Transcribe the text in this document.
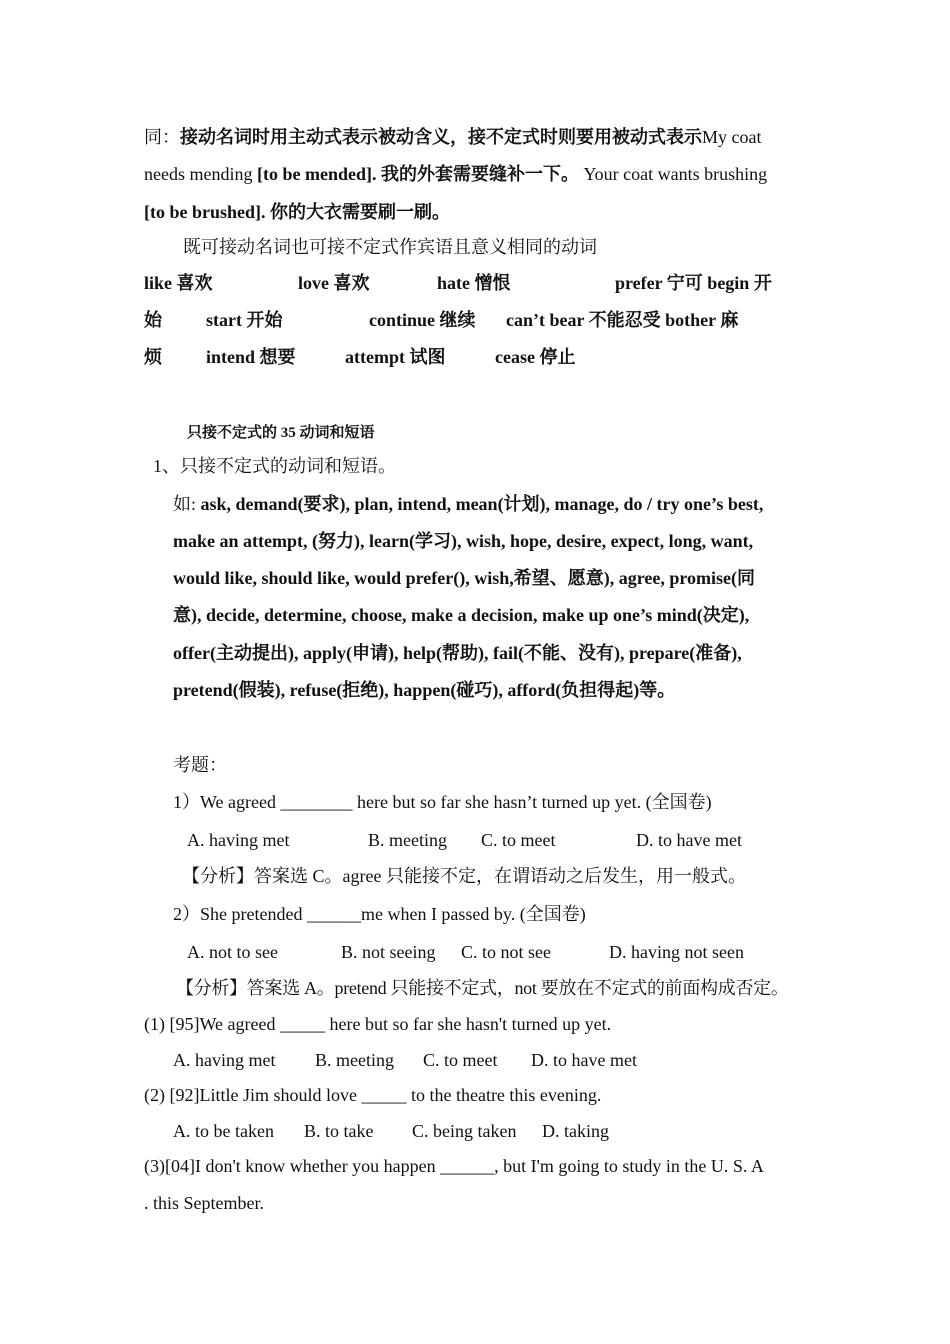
同：接动名词时用主动式表示被动含义，接不定式时则要用被动式表示My coat
needs mending [to be mended]. 我的外套需要缝补一下。 Your coat wants brushing
[to be brushed]. 你的大衣需要刷一刷。
既可接动名词也可接不定式作宾语且意义相同的动词
like 喜欢	love 喜欢	hate 憎恨	prefer 宁可 begin 开
始 start 开始	continue 继续 can’t bear 不能忍受 bother 麻
烦 intend 想要	attempt 试图	cease 停止
只接不定式的 35 动词和短语
1、只接不定式的动词和短语。
如: ask, demand(要求), plan, intend, mean(计划), manage, do / try one’s best,
make an attempt, (努力), learn(学习), wish, hope, desire, expect, long, want,
would like, should like, would prefer(), wish,希望、愿意), agree, promise(同
意), decide, determine, choose, make a decision, make up one’s mind(决定),
offer(主动提出), apply(申请), help(帮助), fail(不能、没有), prepare(准备),
pretend(假装), refuse(拒绝), happen(碰巧), afford(负担得起)等。
考题：
1）We agreed ________ here but so far she hasn’t turned up yet. (全国卷)
A. having met	B. meeting C. to meet	D. to have met
【分析】答案选 C。agree 只能接不定，在谓语动之后发生，用一般式。
2）She pretended ______me when I passed by. (全国卷)
A. not to see	B. not seeing C. to not see	D. having not seen
【分析】答案选 A。pretend 只能接不定式，not 要放在不定式的前面构成否定。
(1) [95]We agreed _____ here but so far she hasn't turned up yet.
A. having met B. meeting C. to meet D. to have met
(2) [92]Little Jim should love _____ to the theatre this evening.
A. to be taken B. to take C. being taken D. taking
(3)[04]I don't know whether you happen ______, but I'm going to study in the U. S. A
. this September.
